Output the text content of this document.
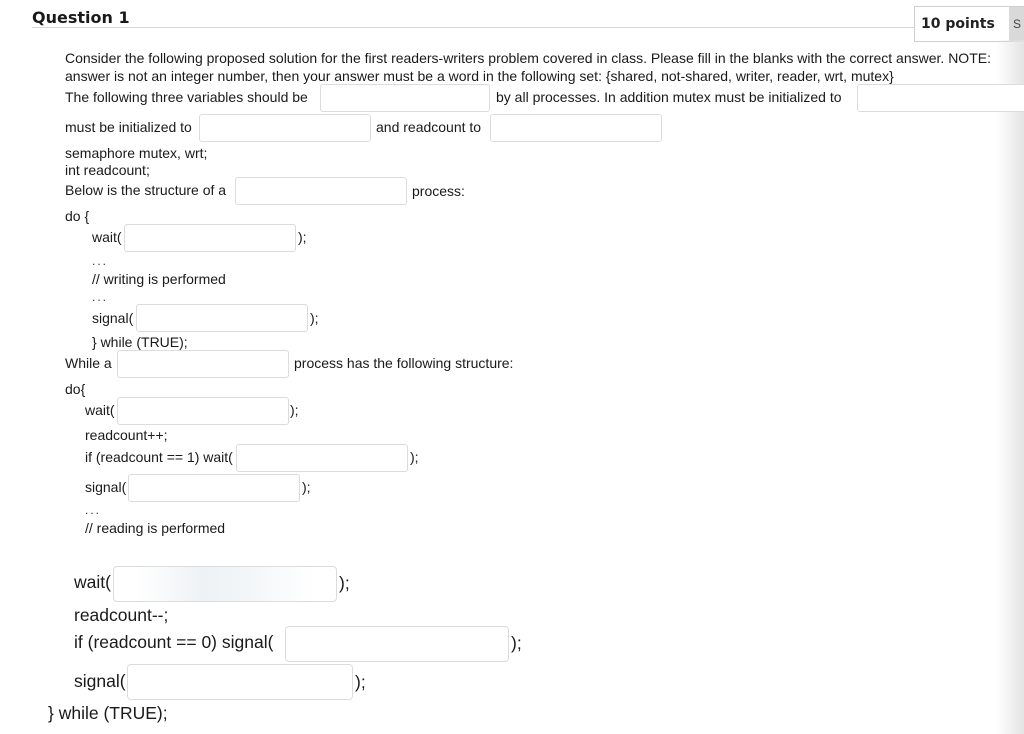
Question 1	10 points S
Consider the following proposed solution for the first readers-writers problem covered in class. Please fill in the blanks with the correct answer. NOTE:
answer is not an integer number, then your answer must be a word in the following set: {shared, not-shared, writer, reader, wrt, mutex}
The following three variables should be	by all processes. In addition mutex must be initialized to
must be initialized to	and readcount to
semaphore mutex, wrt;
int readcount;
Below is the structure of a	process:
do {
wait(	);
...
// writing is performed
...
signal(	);
} while (TRUE);
While a	process has the following structure:
do{
wait(	);
readcount++;
if (readcount == 1) wait(	);
signal(	);
...
// reading is performed
wait(	);
readcount--;
if (readcount == 0) signal(	);
signal(	);
} while (TRUE);
